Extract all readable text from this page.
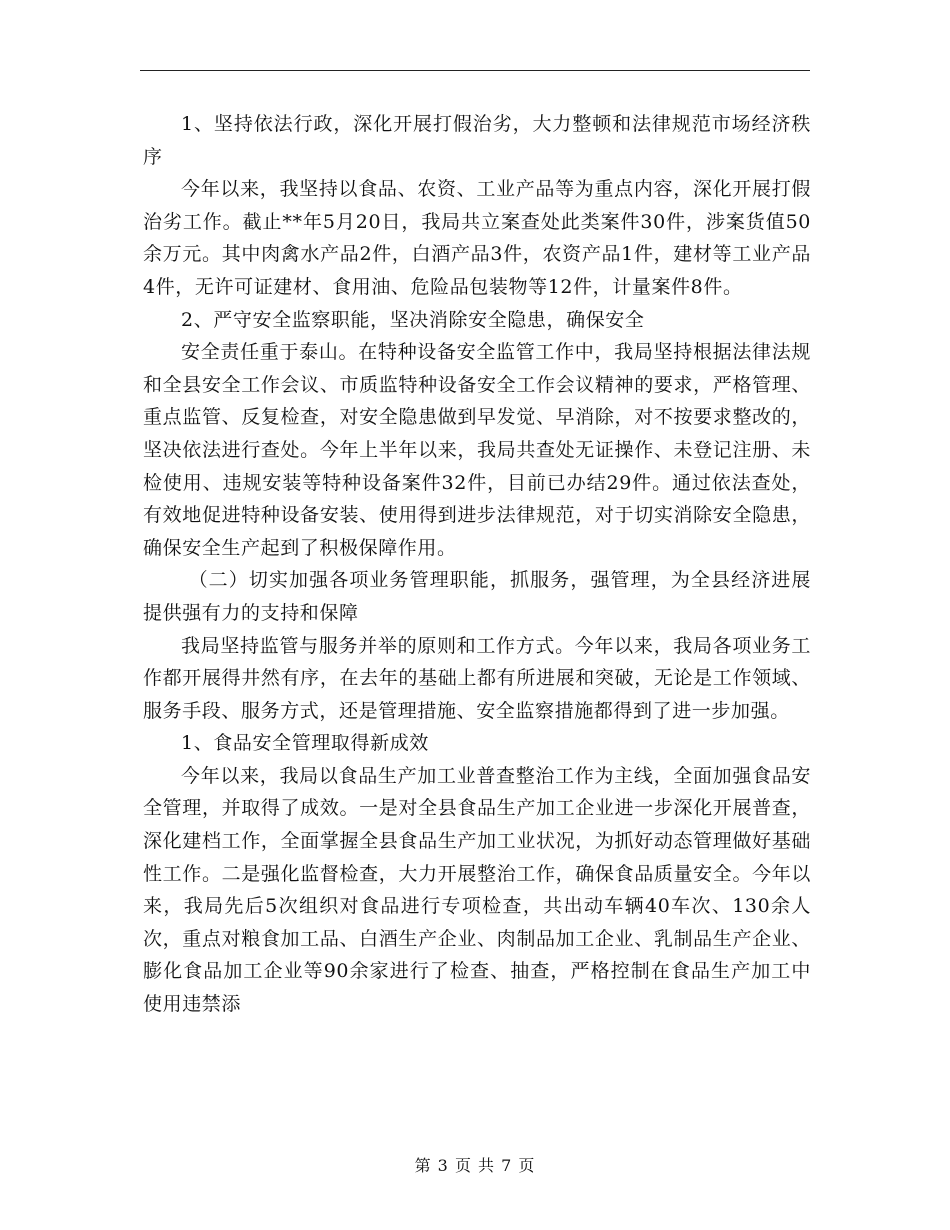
1、坚持依法行政，深化开展打假治劣，大力整顿和法律规范市场经济秩序

今年以来，我坚持以食品、农资、工业产品等为重点内容，深化开展打假治劣工作。截止**年5月20日，我局共立案查处此类案件30件，涉案货值50余万元。其中肉禽水产品2件，白酒产品3件，农资产品1件，建材等工业产品4件，无许可证建材、食用油、危险品包装物等12件，计量案件8件。

2、严守安全监察职能，坚决消除安全隐患，确保安全

安全责任重于泰山。在特种设备安全监管工作中，我局坚持根据法律法规和全县安全工作会议、市质监特种设备安全工作会议精神的要求，严格管理、重点监管、反复检查，对安全隐患做到早发觉、早消除，对不按要求整改的，坚决依法进行查处。今年上半年以来，我局共查处无证操作、未登记注册、未检使用、违规安装等特种设备案件32件，目前已办结29件。通过依法查处，有效地促进特种设备安装、使用得到进步法律规范，对于切实消除安全隐患，确保安全生产起到了积极保障作用。

（二）切实加强各项业务管理职能，抓服务，强管理，为全县经济进展提供强有力的支持和保障

我局坚持监管与服务并举的原则和工作方式。今年以来，我局各项业务工作都开展得井然有序，在去年的基础上都有所进展和突破，无论是工作领域、服务手段、服务方式，还是管理措施、安全监察措施都得到了进一步加强。

1、食品安全管理取得新成效

今年以来，我局以食品生产加工业普查整治工作为主线，全面加强食品安全管理，并取得了成效。一是对全县食品生产加工企业进一步深化开展普查，深化建档工作，全面掌握全县食品生产加工业状况，为抓好动态管理做好基础性工作。二是强化监督检查，大力开展整治工作，确保食品质量安全。今年以来，我局先后5次组织对食品进行专项检查，共出动车辆40车次、130余人次，重点对粮食加工品、白酒生产企业、肉制品加工企业、乳制品生产企业、膨化食品加工企业等90余家进行了检查、抽查，严格控制在食品生产加工中使用违禁添

第 3 页 共 7 页
